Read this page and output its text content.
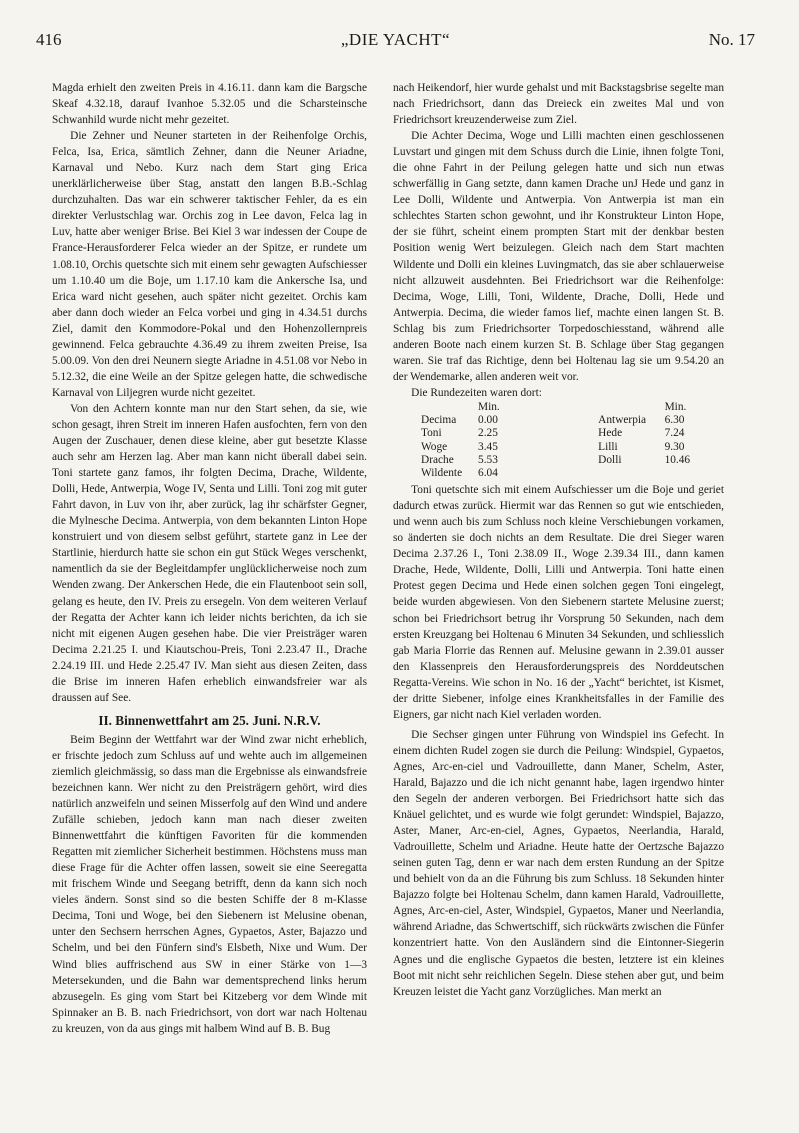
416	„DIE YACHT“	No. 17

Magda erhielt den zweiten Preis in 4.16.11. dann kam die Bargsche Skeaf 4.32.18, darauf Ivanhoe 5.32.05 und die Scharsteinsche Schwanhild wurde nicht mehr gezeitet.

Die Zehner und Neuner starteten in der Reihenfolge Orchis, Felca, Isa, Erica, sämtlich Zehner, dann die Neuner Ariadne, Karnaval und Nebo. Kurz nach dem Start ging Erica unerklärlicherweise über Stag, anstatt den langen B.B.-Schlag durchzuhalten. Das war ein schwerer taktischer Fehler, da es ein direkter Verlustschlag war. Orchis zog in Lee davon, Felca lag in Luv, hatte aber weniger Brise. Bei Kiel 3 war indessen der Coupe de France-Herausforderer Felca wieder an der Spitze, er rundete um 1.08.10, Orchis quetschte sich mit einem sehr gewagten Aufschiesser um 1.10.40 um die Boje, um 1.17.10 kam die Ankersche Isa, und Erica ward nicht gesehen, auch später nicht gezeitet. Orchis kam aber dann doch wieder an Felca vorbei und ging in 4.34.51 durchs Ziel, damit den Kommodore-Pokal und den Hohenzollernpreis gewinnend. Felca gebrauchte 4.36.49 zu ihrem zweiten Preise, Isa 5.00.09. Von den drei Neunern siegte Ariadne in 4.51.08 vor Nebo in 5.12.32, die eine Weile an der Spitze gelegen hatte, die schwedische Karnaval von Liljegren wurde nicht gezeitet.

Von den Achtern konnte man nur den Start sehen, da sie, wie schon gesagt, ihren Streit im inneren Hafen ausfochten, fern von den Augen der Zuschauer, denen diese kleine, aber gut besetzte Klasse auch sehr am Herzen lag. Aber man kann nicht überall dabei sein. Toni startete ganz famos, ihr folgten Decima, Drache, Wildente, Dolli, Hede, Antwerpia, Woge IV, Senta und Lilli. Toni zog mit guter Fahrt davon, in Luv von ihr, aber zurück, lag ihr schärfster Gegner, die Mylnesche Decima. Antwerpia, von dem bekannten Linton Hope konstruiert und von diesem selbst geführt, startete ganz in Lee der Startlinie, hierdurch hatte sie schon ein gut Stück Weges verschenkt, namentlich da sie der Begleitdampfer unglücklicherweise noch zum Wenden zwang. Der Ankerschen Hede, die ein Flautenboot sein soll, gelang es heute, den IV. Preis zu ersegeln. Von dem weiteren Verlauf der Regatta der Achter kann ich leider nichts berichten, da ich sie nicht mit eigenen Augen gesehen habe. Die vier Preisträger waren Decima 2.21.25 I. und Kiautschou-Preis, Toni 2.23.47 II., Drache 2.24.19 III. und Hede 2.25.47 IV. Man sieht aus diesen Zeiten, dass die Brise im inneren Hafen erheblich einwandsfreier war als draussen auf See.

II. Binnenwettfahrt am 25. Juni. N.R.V.

Beim Beginn der Wettfahrt war der Wind zwar nicht erheblich, er frischte jedoch zum Schluss auf und wehte auch im allgemeinen ziemlich gleichmässig, so dass man die Ergebnisse als einwandsfreie bezeichnen kann. Wer nicht zu den Preisträgern gehört, wird dies natürlich anzweifeln und seinen Misserfolg auf den Wind und andere Zufälle schieben, jedoch kann man nach dieser zweiten Binnenwettfahrt die künftigen Favoriten für die kommenden Regatten mit ziemlicher Sicherheit bestimmen. Höchstens muss man diese Frage für die Achter offen lassen, soweit sie eine Seeregatta mit frischem Winde und Seegang betrifft, denn da kann sich noch vieles ändern. Sonst sind so die besten Schiffe der 8 m-Klasse Decima, Toni und Woge, bei den Siebenern ist Melusine obenan, unter den Sechsern herrschen Agnes, Gypaetos, Aster, Bajazzo und Schelm, und bei den Fünfern sind's Elsbeth, Nixe und Wum. Der Wind blies auffrischend aus SW in einer Stärke von 1—3 Metersekunden, und die Bahn war dementsprechend links herum abzusegeln. Es ging vom Start bei Kitzeberg vor dem Winde mit Spinnaker an B. B. nach Friedrichsort, von dort war nach Holtenau zu kreuzen, von da aus gings mit halbem Wind auf B. B. Bug

nach Heikendorf, hier wurde gehalst und mit Backstagsbrise segelte man nach Friedrichsort, dann das Dreieck ein zweites Mal und von Friedrichsort kreuzenderweise zum Ziel.

Die Achter Decima, Woge und Lilli machten einen geschlossenen Luvstart und gingen mit dem Schuss durch die Linie, ihnen folgte Toni, die ohne Fahrt in der Peilung gelegen hatte und sich nun etwas schwerfällig in Gang setzte, dann kamen Drache unJ Hede und ganz in Lee Dolli, Wildente und Antwerpia. Von Antwerpia ist man ein schlechtes Starten schon gewohnt, und ihr Konstrukteur Linton Hope, der sie führt, scheint einem prompten Start mit der denkbar besten Position wenig Wert beizulegen. Gleich nach dem Start machten Wildente und Dolli ein kleines Luvingmatch, das sie aber schlauerweise nicht allzuweit ausdehnten. Bei Friedrichsort war die Reihenfolge: Decima, Woge, Lilli, Toni, Wildente, Drache, Dolli, Hede und Antwerpia. Decima, die wieder famos lief, machte einen langen St. B. Schlag bis zum Friedrichsorter Torpedoschiesstand, während alle anderen Boote nach einem kurzen St. B. Schlage über Stag gegangen waren. Sie traf das Richtige, denn bei Holtenau lag sie um 9.54.20 an der Wendemarke, allen anderen weit vor.

Die Rundezeiten waren dort:

	Min.			Min.
Decima	0.00		Antwerpia	6.30
Toni	2.25		Hede	7.24
Woge	3.45		Lilli	9.30
Drache	5.53		Dolli	10.46
Wildente	6.04			

Toni quetschte sich mit einem Aufschiesser um die Boje und geriet dadurch etwas zurück. Hiermit war das Rennen so gut wie entschieden, und wenn auch bis zum Schluss noch kleine Verschiebungen vorkamen, so änderten sie doch nichts an dem Resultate. Die drei Sieger waren Decima 2.37.26 I., Toni 2.38.09 II., Woge 2.39.34 III., dann kamen Drache, Hede, Wildente, Dolli, Lilli und Antwerpia. Toni hatte einen Protest gegen Decima und Hede einen solchen gegen Toni eingelegt, beide wurden abgewiesen. Von den Siebenern startete Melusine zuerst; schon bei Friedrichsort betrug ihr Vorsprung 50 Sekunden, nach dem ersten Kreuzgang bei Holtenau 6 Minuten 34 Sekunden, und schliesslich gab Maria Florrie das Rennen auf. Melusine gewann in 2.39.01 ausser den Klassenpreis den Herausforderungspreis des Norddeutschen Regatta-Vereins. Wie schon in No. 16 der „Yacht“ berichtet, ist Kismet, der dritte Siebener, infolge eines Krankheitsfalles in der Familie des Eigners, gar nicht nach Kiel verladen worden.

Die Sechser gingen unter Führung von Windspiel ins Gefecht. In einem dichten Rudel zogen sie durch die Peilung: Windspiel, Gypaetos, Agnes, Arc-en-ciel und Vadrouillette, dann Maner, Schelm, Aster, Harald, Bajazzo und die ich nicht genannt habe, lagen irgendwo hinter den Segeln der anderen verborgen. Bei Friedrichsort hatte sich das Knäuel gelichtet, und es wurde wie folgt gerundet: Windspiel, Bajazzo, Aster, Maner, Arc-en-ciel, Agnes, Gypaetos, Neerlandia, Harald, Vadrouillette, Schelm und Ariadne. Heute hatte der Oertzsche Bajazzo seinen guten Tag, denn er war nach dem ersten Rundung an der Spitze und behielt von da an die Führung bis zum Schluss. 18 Sekunden hinter Bajazzo folgte bei Holtenau Schelm, dann kamen Harald, Vadrouillette, Agnes, Arc-en-ciel, Aster, Windspiel, Gypaetos, Maner und Neerlandia, während Ariadne, das Schwertschiff, sich rückwärts zwischen die Fünfer konzentriert hatte. Von den Ausländern sind die Eintonner-Siegerin Agnes und die englische Gypaetos die besten, letztere ist ein kleines Boot mit nicht sehr reichlichen Segeln. Diese stehen aber gut, und beim Kreuzen leistet die Yacht ganz Vorzügliches. Man merkt an
